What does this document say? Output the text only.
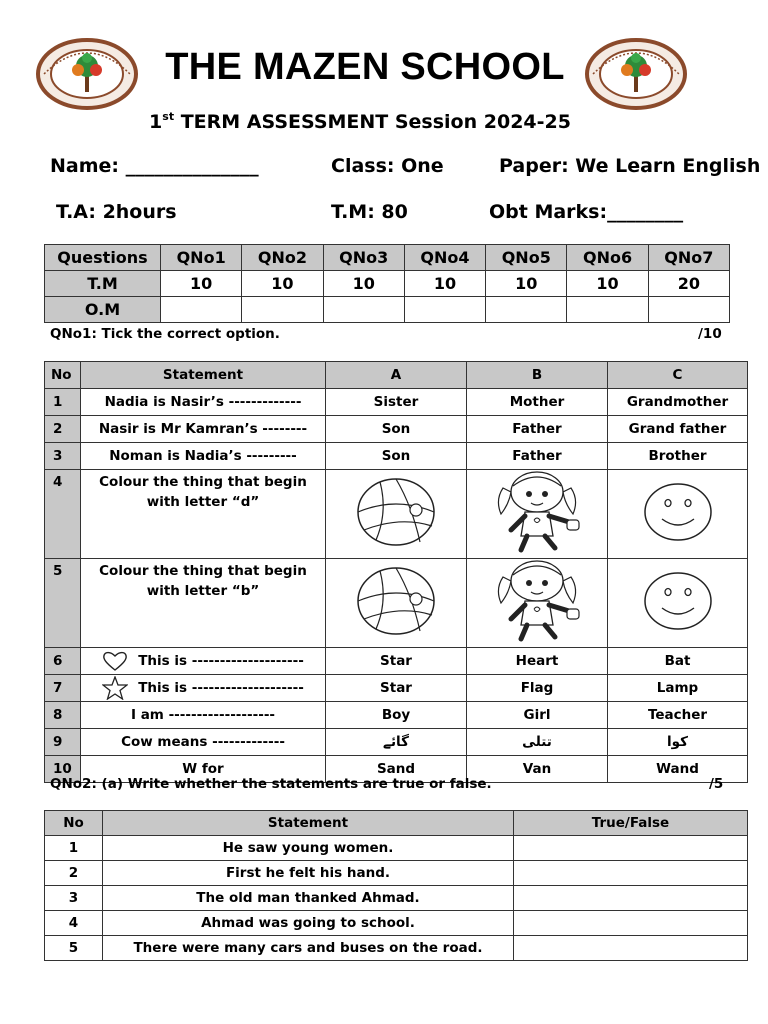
THE MAZEN SCHOOL
1st TERM ASSESSMENT Session 2024-25
Name: ______________	Class: One	Paper: We Learn English
T.A: 2hours	T.M: 80	Obt Marks:________
Questions	QNo1	QNo2	QNo3	QNo4	QNo5	QNo6	QNo7
T.M	10	10	10	10	10	10	20
O.M							
QNo1: Tick the correct option.	/10
No	Statement	A	B	C
1	Nadia is Nasir’s -------------	Sister	Mother	Grandmother
2	Nasir is Mr Kamran’s --------	Son	Father	Grand father
3	Noman is Nadia’s ---------	Son	Father	Brother
4	Colour the thing that begin
with letter “d”

5	Colour the thing that begin
with letter “b”

6	This is --------------------	Star	Heart	Bat
7	This is --------------------	Star	Flag	Lamp
8	I am -------------------	Boy	Girl	Teacher
9	Cow means -------------	گائے	تتلی	کوا
10	W for	Sand	Van	Wand
QNo2: (a) Write whether the statements are true or false.	/5
No	Statement	True/False
1	He saw young women.	
2	First he felt his hand.	
3	The old man thanked Ahmad.	
4	Ahmad was going to school.	
5	There were many cars and buses on the road.	
